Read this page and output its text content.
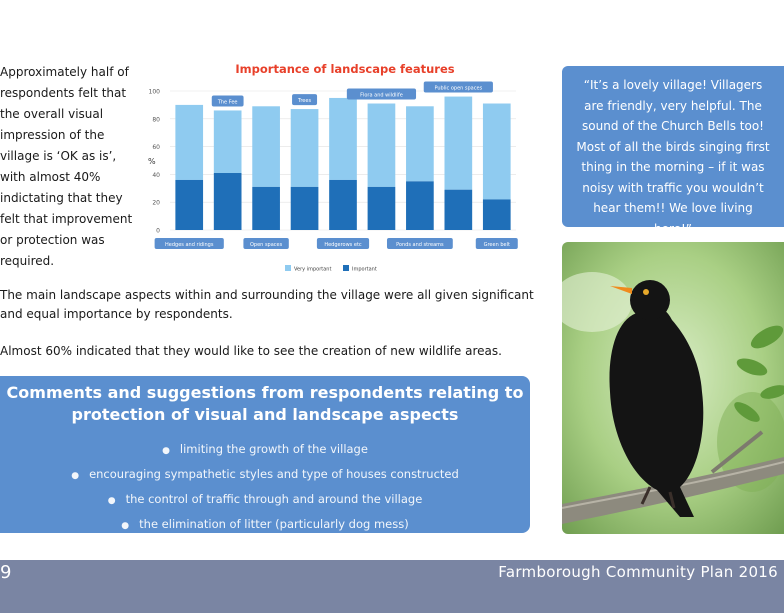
Approximately half of respondents felt that the overall visual impression of the village is ‘OK as is’, with almost 40% indictating that they felt that improvement or protection was required.
Importance of landscape features
%
0
20
40
60
80
100
Hedges and ridings
The Fee
Open spaces
Trees
Hedgerows etc
Flora and wildlife
Ponds and streams
Public open spaces
Green belt
Very important	Important
The main landscape aspects within and surrounding the village were all given significant and equal importance by respondents.
Almost 60% indicated that they would like to see the creation of new wildlife areas.
“It’s a lovely village! Villagers are friendly, very helpful. The sound of the Church Bells too! Most of all the birds singing first thing in the morning – if it was noisy with traffic you wouldn’t hear them!! We love living here!”
Comments and suggestions from respondents relating to
protection of visual and landscape aspects
● limiting the growth of the village
● encouraging sympathetic styles and type of houses constructed
● the control of traffic through and around the village
● the elimination of litter (particularly dog mess)
9	Farmborough Community Plan 2016
